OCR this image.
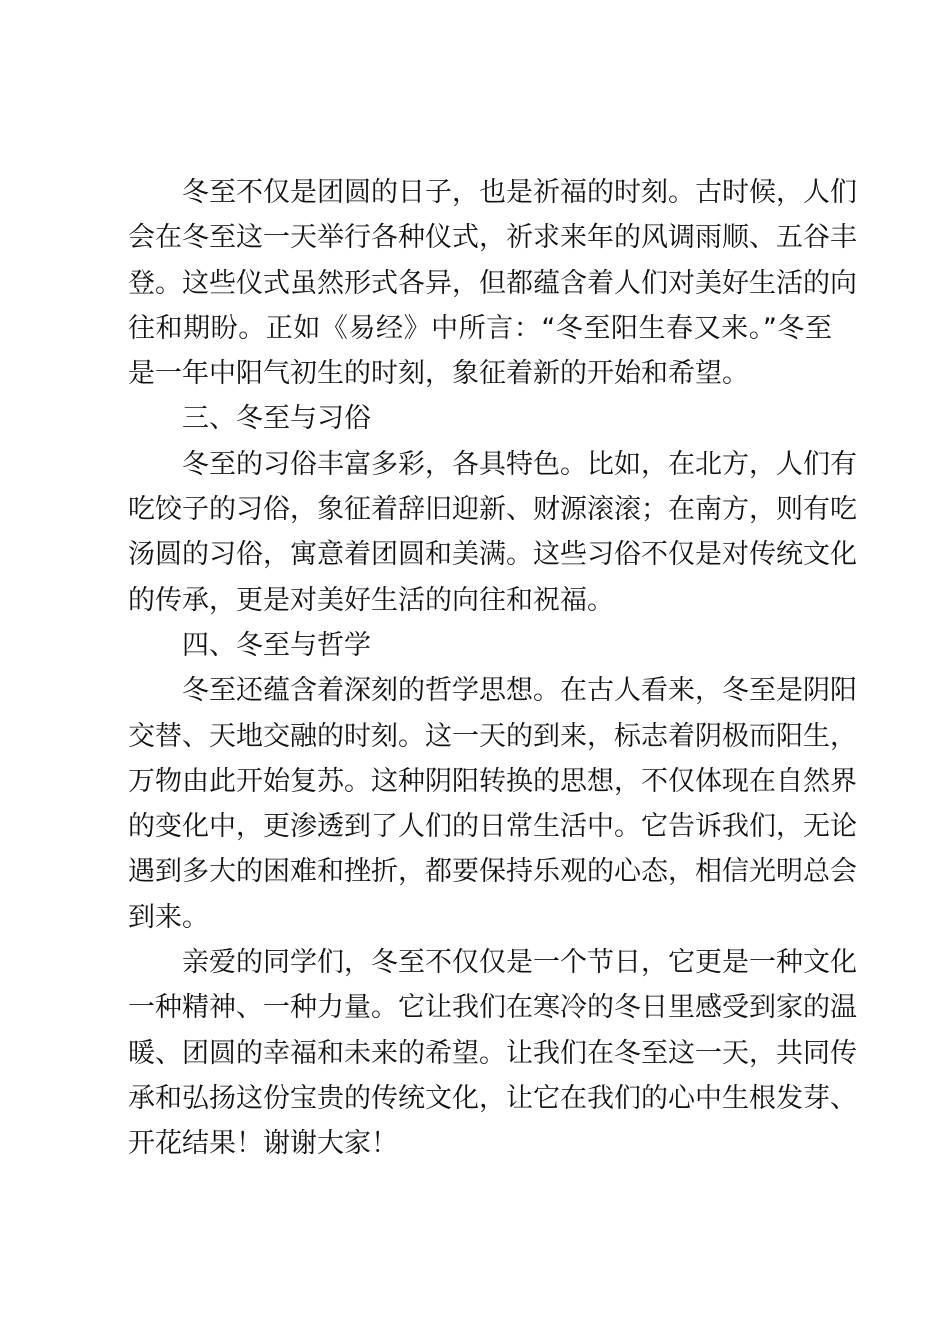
冬至不仅是团圆的日子，也是祈福的时刻。古时候，人们
会在冬至这一天举行各种仪式，祈求来年的风调雨顺、五谷丰
登。这些仪式虽然形式各异，但都蕴含着人们对美好生活的向
往和期盼。正如《易经》中所言：“冬至阳生春又来。”冬至
是一年中阳气初生的时刻，象征着新的开始和希望。
三、冬至与习俗
冬至的习俗丰富多彩，各具特色。比如，在北方，人们有
吃饺子的习俗，象征着辞旧迎新、财源滚滚；在南方，则有吃
汤圆的习俗，寓意着团圆和美满。这些习俗不仅是对传统文化
的传承，更是对美好生活的向往和祝福。
四、冬至与哲学
冬至还蕴含着深刻的哲学思想。在古人看来，冬至是阴阳
交替、天地交融的时刻。这一天的到来，标志着阴极而阳生，
万物由此开始复苏。这种阴阳转换的思想，不仅体现在自然界
的变化中，更渗透到了人们的日常生活中。它告诉我们，无论
遇到多大的困难和挫折，都要保持乐观的心态，相信光明总会
到来。
亲爱的同学们，冬至不仅仅是一个节日，它更是一种文化
一种精神、一种力量。它让我们在寒冷的冬日里感受到家的温
暖、团圆的幸福和未来的希望。让我们在冬至这一天，共同传
承和弘扬这份宝贵的传统文化，让它在我们的心中生根发芽、
开花结果！谢谢大家！
